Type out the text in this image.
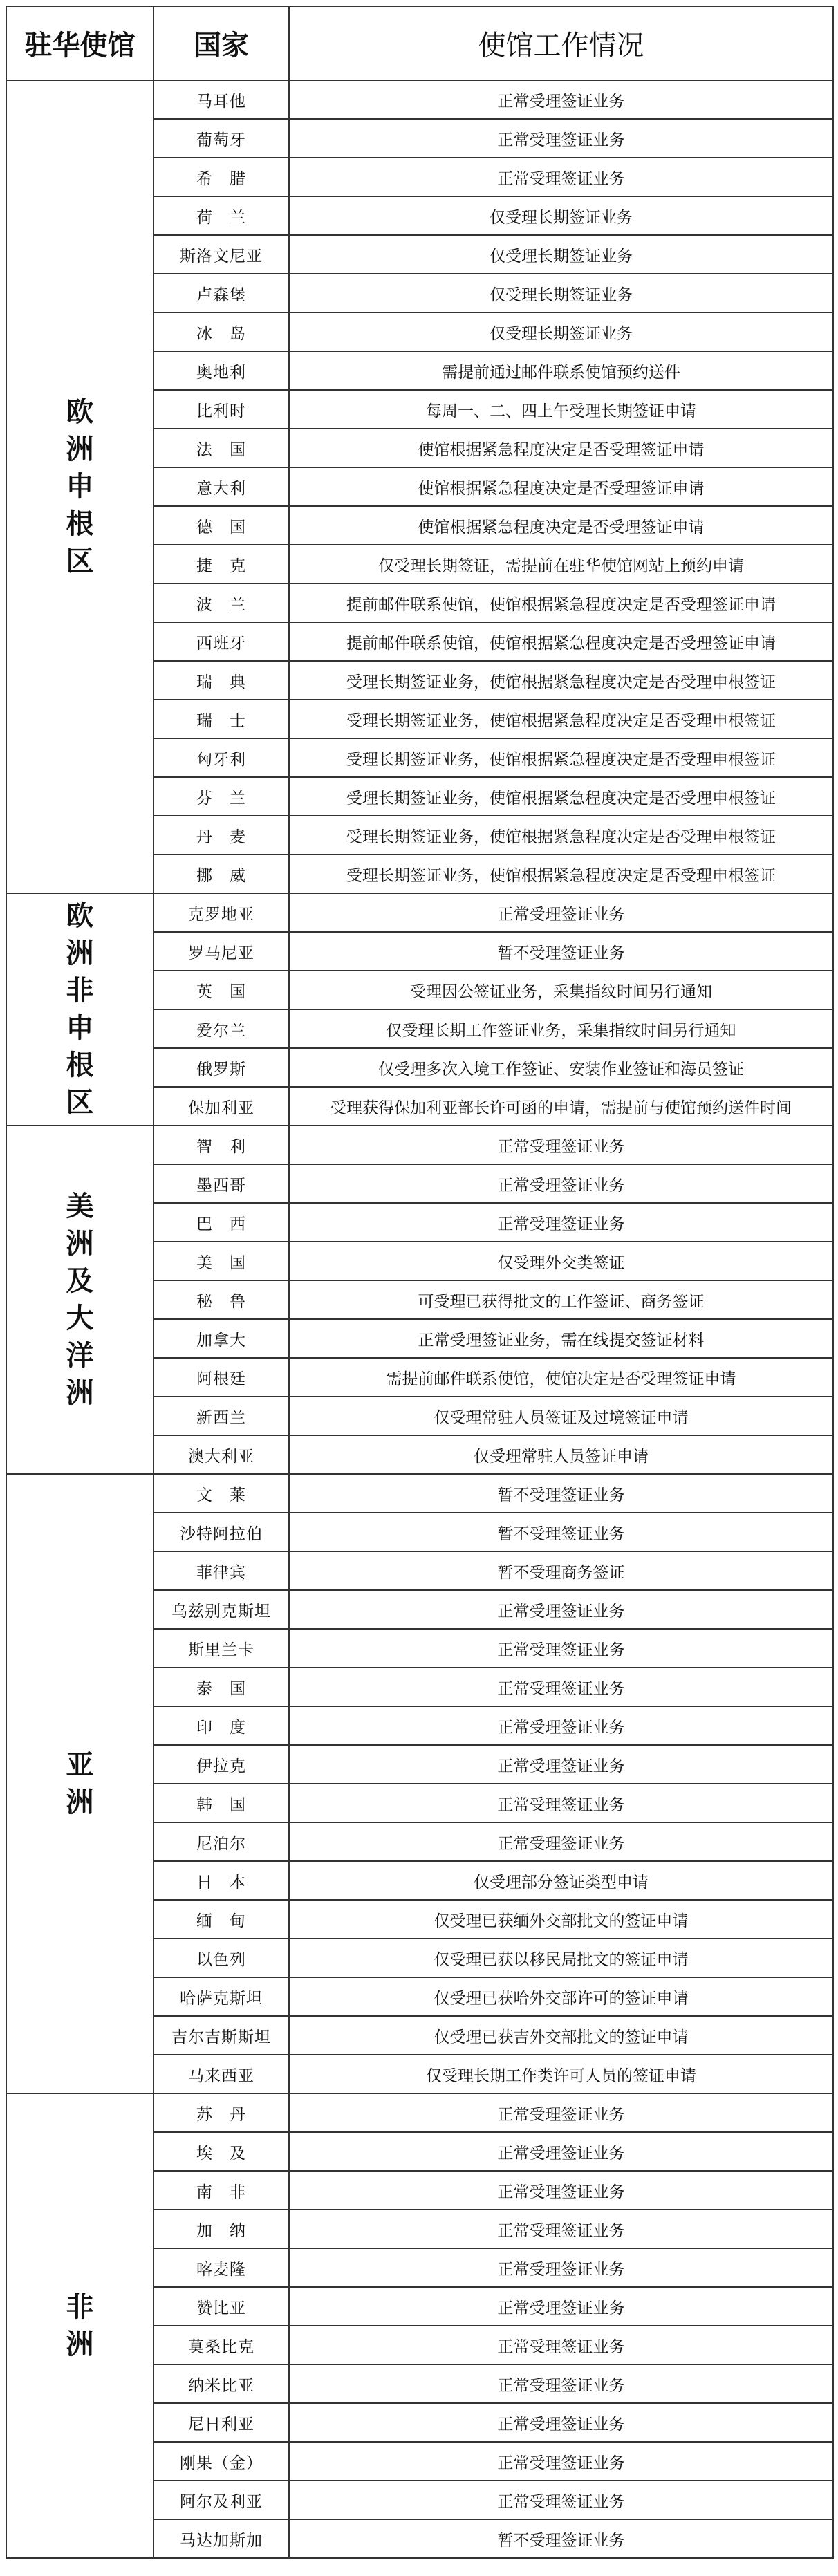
驻华使馆	国家	使馆工作情况
欧洲申根区	马耳他	正常受理签证业务
	葡萄牙	正常受理签证业务
	希　腊	正常受理签证业务
	荷　兰	仅受理长期签证业务
	斯洛文尼亚	仅受理长期签证业务
	卢森堡	仅受理长期签证业务
	冰　岛	仅受理长期签证业务
	奥地利	需提前通过邮件联系使馆预约送件
	比利时	每周一、二、四上午受理长期签证申请
	法　国	使馆根据紧急程度决定是否受理签证申请
	意大利	使馆根据紧急程度决定是否受理签证申请
	德　国	使馆根据紧急程度决定是否受理签证申请
	捷　克	仅受理长期签证，需提前在驻华使馆网站上预约申请
	波　兰	提前邮件联系使馆，使馆根据紧急程度决定是否受理签证申请
	西班牙	提前邮件联系使馆，使馆根据紧急程度决定是否受理签证申请
	瑞　典	受理长期签证业务，使馆根据紧急程度决定是否受理申根签证
	瑞　士	受理长期签证业务，使馆根据紧急程度决定是否受理申根签证
	匈牙利	受理长期签证业务，使馆根据紧急程度决定是否受理申根签证
	芬　兰	受理长期签证业务，使馆根据紧急程度决定是否受理申根签证
	丹　麦	受理长期签证业务，使馆根据紧急程度决定是否受理申根签证
	挪　威	受理长期签证业务，使馆根据紧急程度决定是否受理申根签证
欧洲非申根区	克罗地亚	正常受理签证业务
	罗马尼亚	暂不受理签证业务
	英　国	受理因公签证业务，采集指纹时间另行通知
	爱尔兰	仅受理长期工作签证业务，采集指纹时间另行通知
	俄罗斯	仅受理多次入境工作签证、安装作业签证和海员签证
	保加利亚	受理获得保加利亚部长许可函的申请，需提前与使馆预约送件时间
美洲及大洋洲	智　利	正常受理签证业务
	墨西哥	正常受理签证业务
	巴　西	正常受理签证业务
	美　国	仅受理外交类签证
	秘　鲁	可受理已获得批文的工作签证、商务签证
	加拿大	正常受理签证业务，需在线提交签证材料
	阿根廷	需提前邮件联系使馆，使馆决定是否受理签证申请
	新西兰	仅受理常驻人员签证及过境签证申请
	澳大利亚	仅受理常驻人员签证申请
亚　洲	文　莱	暂不受理签证业务
	沙特阿拉伯	暂不受理签证业务
	菲律宾	暂不受理商务签证
	乌兹别克斯坦	正常受理签证业务
	斯里兰卡	正常受理签证业务
	泰　国	正常受理签证业务
	印　度	正常受理签证业务
	伊拉克	正常受理签证业务
	韩　国	正常受理签证业务
	尼泊尔	正常受理签证业务
	日　本	仅受理部分签证类型申请
	缅　甸	仅受理已获缅外交部批文的签证申请
	以色列	仅受理已获以移民局批文的签证申请
	哈萨克斯坦	仅受理已获哈外交部许可的签证申请
	吉尔吉斯斯坦	仅受理已获吉外交部批文的签证申请
	马来西亚	仅受理长期工作类许可人员的签证申请
非　洲	苏　丹	正常受理签证业务
	埃　及	正常受理签证业务
	南　非	正常受理签证业务
	加　纳	正常受理签证业务
	喀麦隆	正常受理签证业务
	赞比亚	正常受理签证业务
	莫桑比克	正常受理签证业务
	纳米比亚	正常受理签证业务
	尼日利亚	正常受理签证业务
	刚果（金）	正常受理签证业务
	阿尔及利亚	正常受理签证业务
	马达加斯加	暂不受理签证业务
